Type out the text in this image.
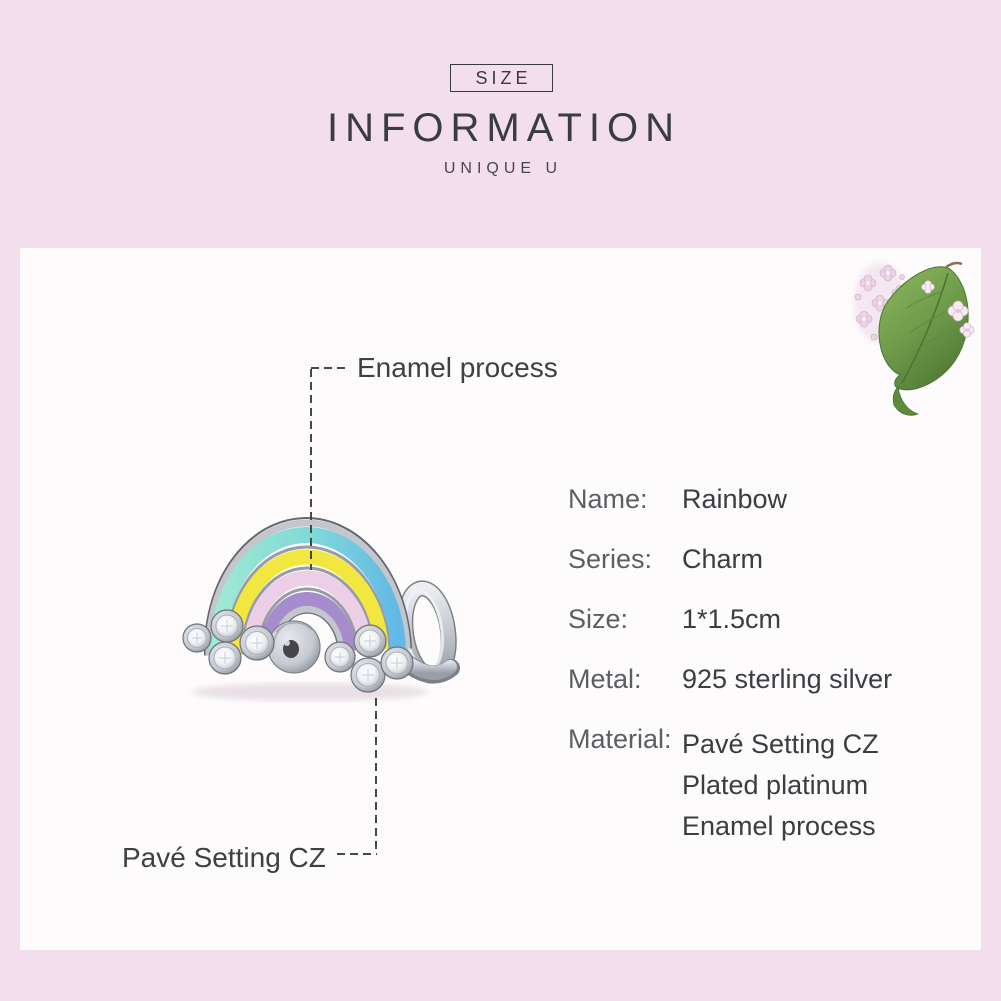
SIZE
INFORMATION
UNIQUE U
Enamel process
Pavé Setting CZ
Name: Rainbow
Series: Charm
Size: 1*1.5cm
Metal: 925 sterling silver
Material: Pavé Setting CZ
Plated platinum
Enamel process
